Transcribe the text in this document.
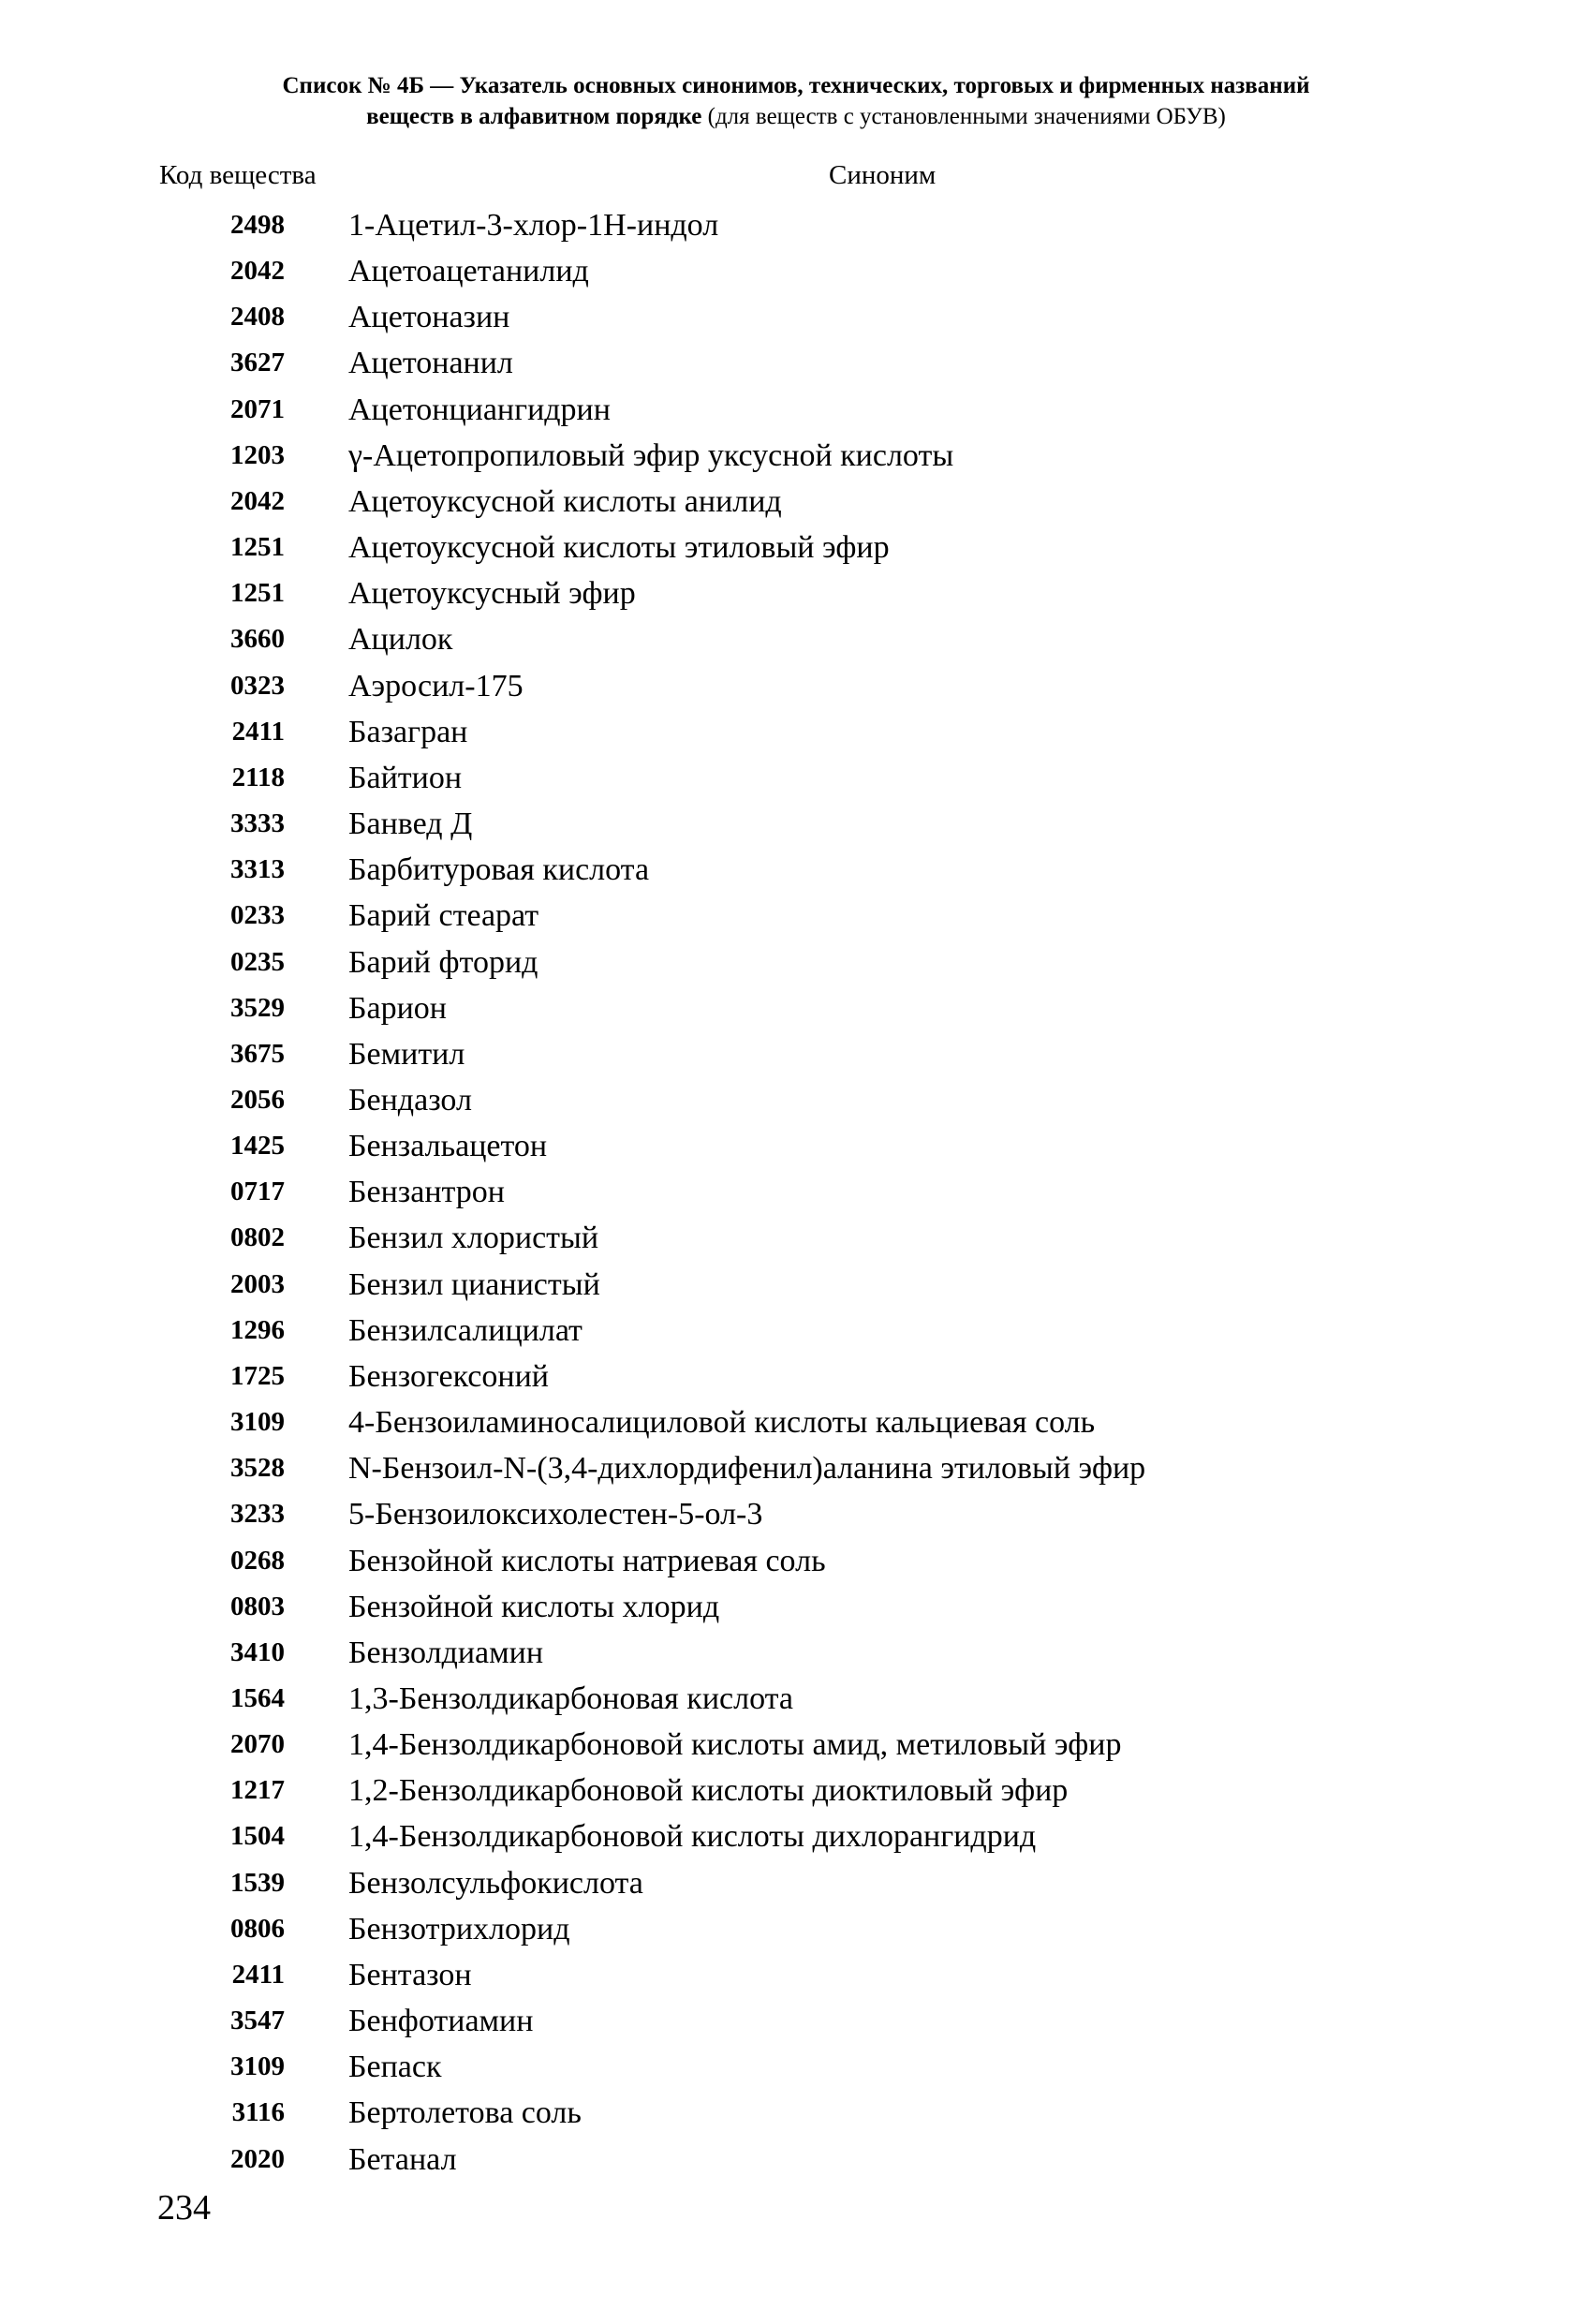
Список № 4Б — Указатель основных синонимов, технических, торговых и фирменных названий
веществ в алфавитном порядке (для веществ с установленными значениями ОБУВ)
Код вещества	Синоним
2498 1-Ацетил-3-хлор-1Н-индол
2042 Ацетоацетанилид
2408 Ацетоназин
3627 Ацетонанил
2071 Ацетонциангидрин
1203 γ-Ацетопропиловый эфир уксусной кислоты
2042 Ацетоуксусной кислоты анилид
1251 Ацетоуксусной кислоты этиловый эфир
1251 Ацетоуксусный эфир
3660 Ацилок
0323 Аэросил-175
2411 Базагран
2118 Байтион
3333 Банвед Д
3313 Барбитуровая кислота
0233 Барий стеарат
0235 Барий фторид
3529 Барион
3675 Бемитил
2056 Бендазол
1425 Бензальацетон
0717 Бензантрон
0802 Бензил хлористый
2003 Бензил цианистый
1296 Бензилсалицилат
1725 Бензогексоний
3109 4-Бензоиламиносалициловой кислоты кальциевая соль
3528 N-Бензоил-N-(3,4-дихлордифенил)аланина этиловый эфир
3233 5-Бензоилоксихолестен-5-ол-3
0268 Бензойной кислоты натриевая соль
0803 Бензойной кислоты хлорид
3410 Бензолдиамин
1564 1,3-Бензолдикарбоновая кислота
2070 1,4-Бензолдикарбоновой кислоты амид, метиловый эфир
1217 1,2-Бензолдикарбоновой кислоты диоктиловый эфир
1504 1,4-Бензолдикарбоновой кислоты дихлорангидрид
1539 Бензолсульфокислота
0806 Бензотрихлорид
2411 Бентазон
3547 Бенфотиамин
3109 Бепаск
3116 Бертолетова соль
2020 Бетанал
234
